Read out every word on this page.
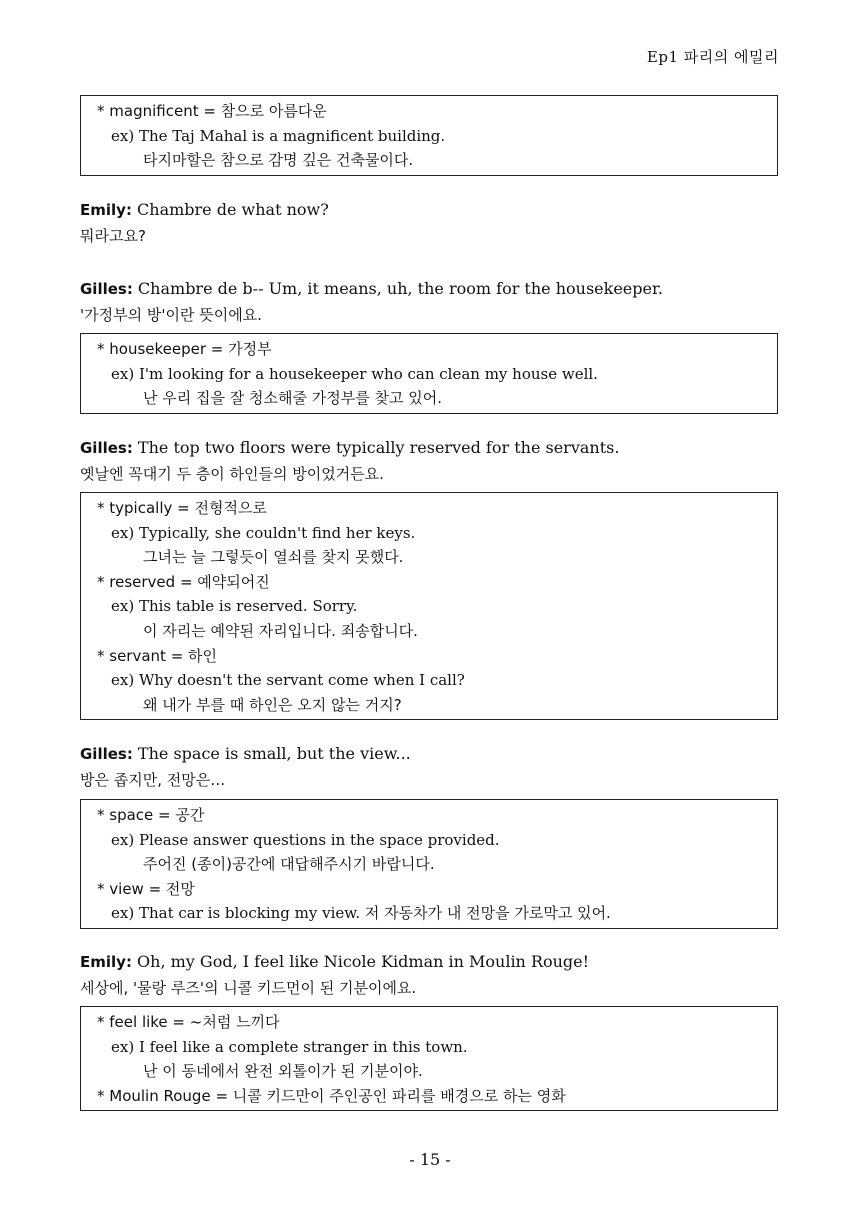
Ep1 파리의 에밀리
* magnificent = 참으로 아름다운
ex) The Taj Mahal is a magnificent building.
타지마할은 참으로 감명 깊은 건축물이다.
Emily: Chambre de what now?
뭐라고요?
Gilles: Chambre de b-- Um, it means, uh, the room for the housekeeper.
'가정부의 방'이란 뜻이에요.
* housekeeper = 가정부
ex) I'm looking for a housekeeper who can clean my house well.
난 우리 집을 잘 청소해줄 가정부를 찾고 있어.
Gilles: The top two floors were typically reserved for the servants.
옛날엔 꼭대기 두 층이 하인들의 방이었거든요.
* typically = 전형적으로
ex) Typically, she couldn't find her keys.
그녀는 늘 그렇듯이 열쇠를 찾지 못했다.
* reserved = 예약되어진
ex) This table is reserved. Sorry.
이 자리는 예약된 자리입니다. 죄송합니다.
* servant = 하인
ex) Why doesn't the servant come when I call?
왜 내가 부를 때 하인은 오지 않는 거지?
Gilles: The space is small, but the view...
방은 좁지만, 전망은…
* space = 공간
ex) Please answer questions in the space provided.
주어진 (종이)공간에 대답해주시기 바랍니다.
* view = 전망
ex) That car is blocking my view. 저 자동차가 내 전망을 가로막고 있어.
Emily: Oh, my God, I feel like Nicole Kidman in Moulin Rouge!
세상에, '물랑 루즈'의 니콜 키드먼이 된 기분이에요.
* feel like = ~처럼 느끼다
ex) I feel like a complete stranger in this town.
난 이 동네에서 완전 외톨이가 된 기분이야.
* Moulin Rouge = 니콜 키드만이 주인공인 파리를 배경으로 하는 영화
- 15 -
